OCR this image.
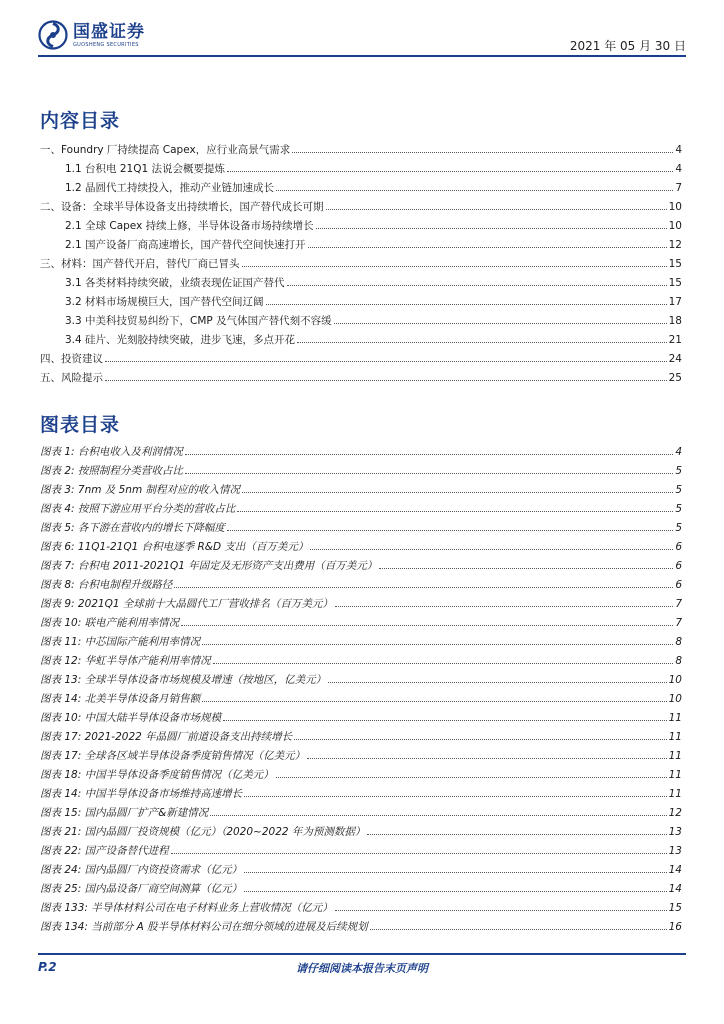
国盛证券
GUOSHENG SECURITIES	2021 年 05 月 30 日
内容目录
一、Foundry 厂持续提高 Capex，应行业高景气需求	4
1.1 台积电 21Q1 法说会概要提炼	4
1.2 晶圆代工持续投入，推动产业链加速成长	7
二、设备：全球半导体设备支出持续增长，国产替代成长可期	10
2.1 全球 Capex 持续上修，半导体设备市场持续增长	10
2.1 国产设备厂商高速增长，国产替代空间快速打开	12
三、材料：国产替代开启，替代厂商已冒头	15
3.1 各类材料持续突破，业绩表现佐证国产替代	15
3.2 材料市场规模巨大，国产替代空间辽阔	17
3.3 中美科技贸易纠纷下，CMP 及气体国产替代刻不容缓	18
3.4 硅片、光刻胶持续突破，进步飞速，多点开花	21
四、投资建议	24
五、风险提示	25
图表目录
图表 1: 台积电收入及利润情况	4
图表 2: 按照制程分类营收占比	5
图表 3: 7nm 及 5nm 制程对应的收入情况	5
图表 4: 按照下游应用平台分类的营收占比	5
图表 5: 各下游在营收内的增长下降幅度	5
图表 6: 11Q1-21Q1 台积电逐季 R&D 支出（百万美元）	6
图表 7: 台积电 2011-2021Q1 年固定及无形资产支出费用（百万美元）	6
图表 8: 台积电制程升级路径	6
图表 9: 2021Q1 全球前十大晶圆代工厂营收排名（百万美元）	7
图表 10: 联电产能利用率情况	7
图表 11: 中芯国际产能利用率情况	8
图表 12: 华虹半导体产能利用率情况	8
图表 13: 全球半导体设备市场规模及增速（按地区，亿美元）	10
图表 14: 北美半导体设备月销售额	10
图表 10: 中国大陆半导体设备市场规模	11
图表 17: 2021-2022 年晶圆厂前道设备支出持续增长	11
图表 17: 全球各区域半导体设备季度销售情况（亿美元）	11
图表 18: 中国半导体设备季度销售情况（亿美元）	11
图表 14: 中国半导体设备市场维持高速增长	11
图表 15: 国内晶圆厂扩产&新建情况	12
图表 21: 国内晶圆厂投资规模（亿元）（2020~2022 年为预测数据）	13
图表 22: 国产设备替代进程	13
图表 24: 国内晶圆厂内资投资需求（亿元）	14
图表 25: 国内晶设备厂商空间测算（亿元）	14
图表 133: 半导体材料公司在电子材料业务上营收情况（亿元）	15
图表 134: 当前部分 A 股半导体材料公司在细分领域的进展及后续规划	16
P.2	请仔细阅读本报告末页声明
